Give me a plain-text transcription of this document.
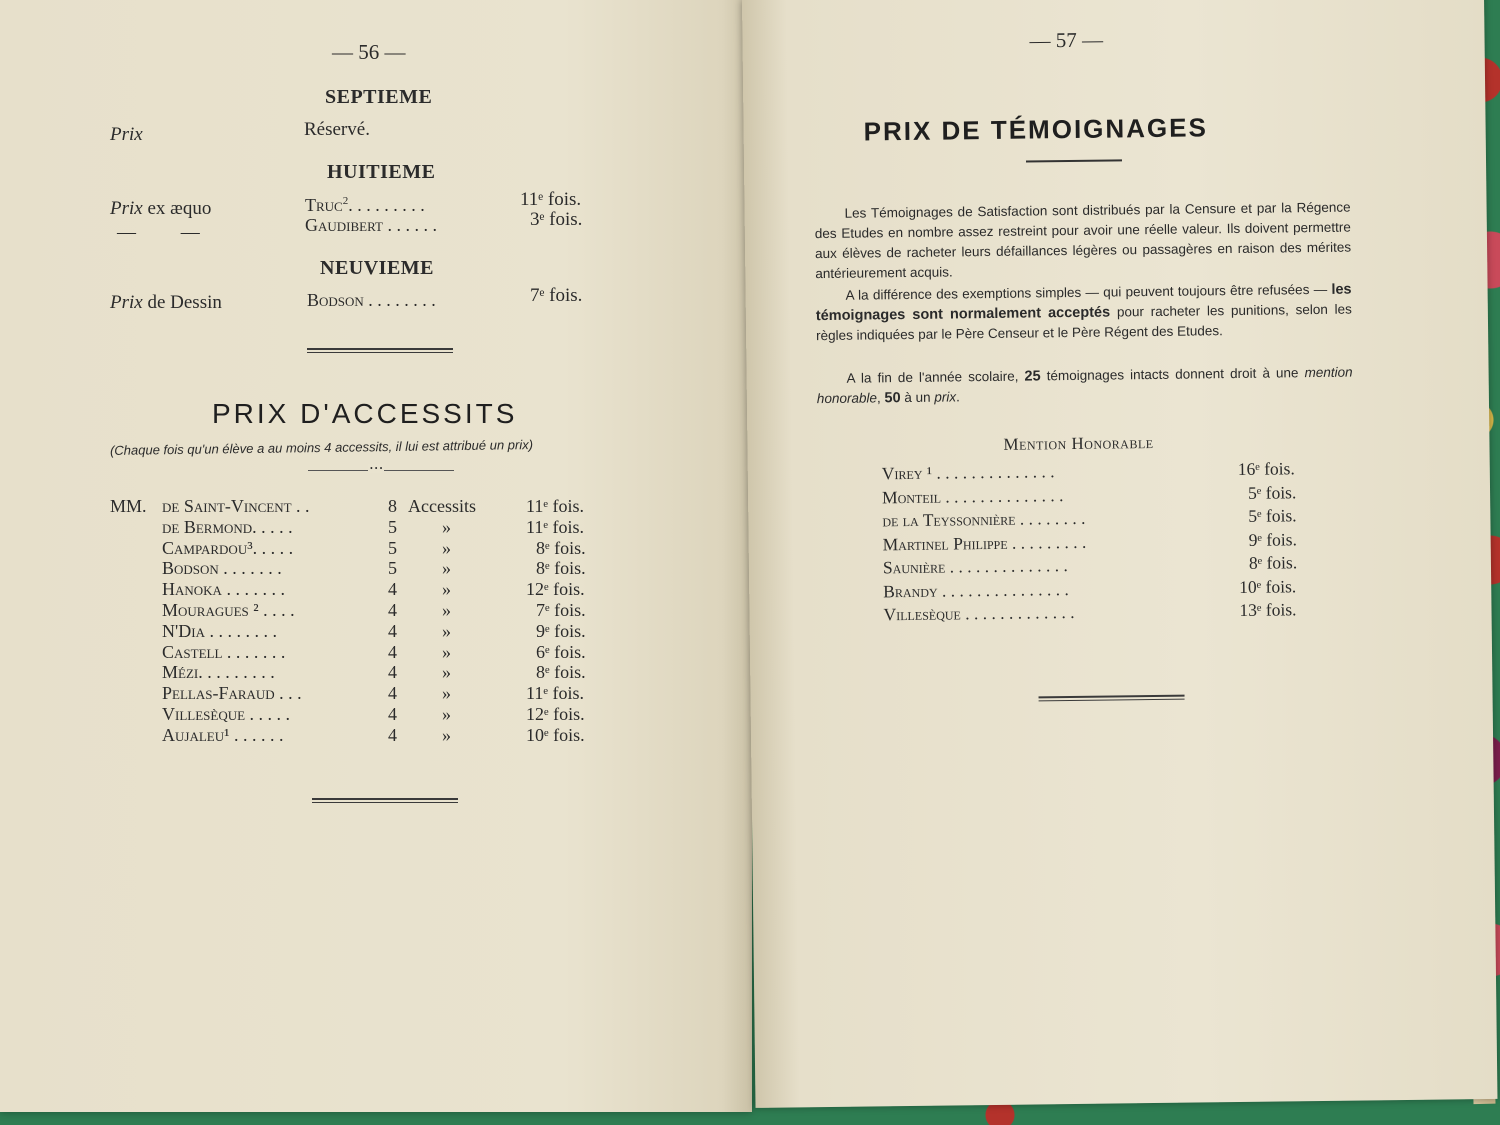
— 56 —
SEPTIEME
Prix	Réservé.
HUITIEME
Prix ex æquo
— —
Truc$^2$. . . . . . . . .	11ᵉ fois.
Gaudibert . . . . . .	3ᵉ fois.
NEUVIEME
Prix de Dessin	Bodson . . . . . . . .	7ᵉ fois.
PRIX D'ACCESSITS
(Chaque fois qu'un élève a au moins 4 accessits, il lui est attribué un prix)
• • •
MM. de Saint-Vincent . .	8 Accessits	11ᵉ fois.
de Bermond. . . . .	5	»	11ᵉ fois.
Campardou³. . . . .	5	»	8ᵉ fois.
Bodson . . . . . . .	5	»	8ᵉ fois.
Hanoka . . . . . . .	4	»	12ᵉ fois.
Mouragues ² . . . .	4	»	7ᵉ fois.
N'Dia . . . . . . . .	4	»	9ᵉ fois.
Castell . . . . . . .	4	»	6ᵉ fois.
Mézi. . . . . . . . .	4	»	8ᵉ fois.
Pellas-Faraud . . .	4	»	11ᵉ fois.
Villesèque . . . . .	4	»	12ᵉ fois.
Aujaleu¹ . . . . . .	4	»	10ᵉ fois.
— 57 —
PRIX DE TÉMOIGNAGES
Les Témoignages de Satisfaction sont distribués par la Censure et par la Régence des Etudes en nombre assez restreint pour avoir une réelle valeur. Ils doivent permettre aux élèves de racheter leurs défaillances légères ou passagères en raison des mérites antérieurement acquis.
A la différence des exemptions simples — qui peuvent toujours être refusées — les témoignages sont normalement acceptés pour racheter les punitions, selon les règles indiquées par le Père Censeur et le Père Régent des Etudes.
A la fin de l'année scolaire, 25 témoignages intacts donnent droit à une mention honorable, 50 à un prix.
Mention Honorable
Virey ¹ . . . . . . . . . . . . . .	16ᵉ fois.
Monteil . . . . . . . . . . . . . .	5ᵉ fois.
de la Teyssonnière . . . . . . . .	5ᵉ fois.
Martinel Philippe . . . . . . . . .	9ᵉ fois.
Saunière . . . . . . . . . . . . . .	8ᵉ fois.
Brandy . . . . . . . . . . . . . . .	10ᵉ fois.
Villesèque . . . . . . . . . . . . .	13ᵉ fois.
